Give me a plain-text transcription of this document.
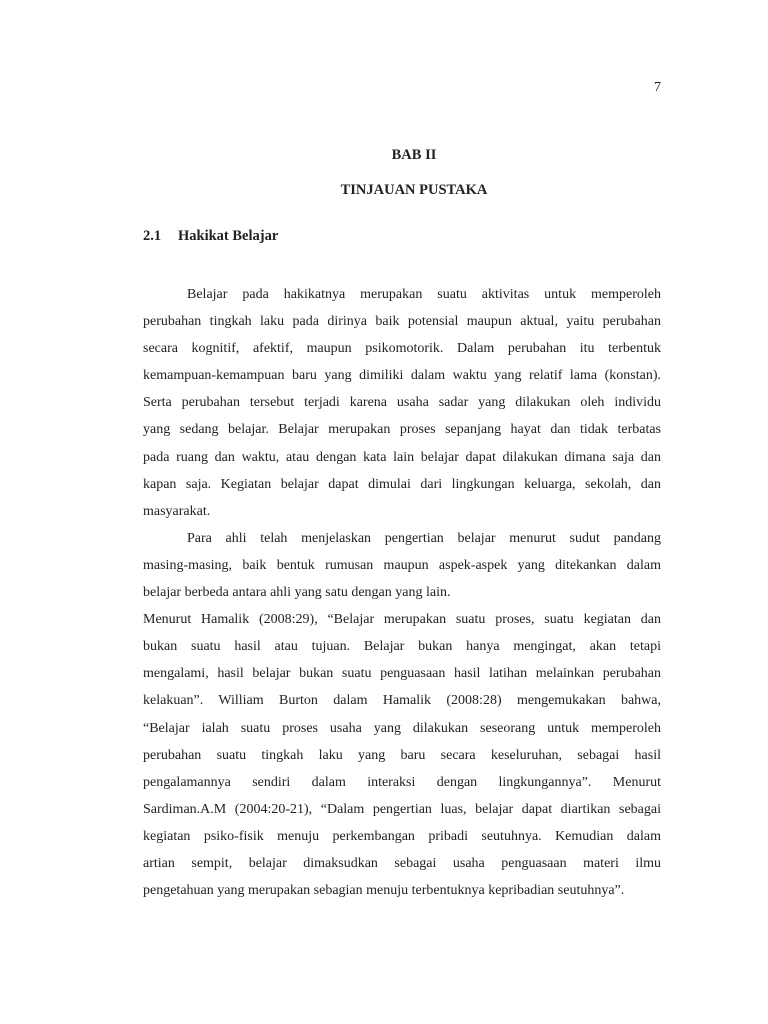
7
BAB II
TINJAUAN PUSTAKA
2.1 Hakikat Belajar
Belajar pada hakikatnya merupakan suatu aktivitas untuk memperoleh
perubahan tingkah laku pada dirinya baik potensial maupun aktual, yaitu perubahan
secara kognitif, afektif, maupun psikomotorik. Dalam perubahan itu terbentuk
kemampuan-kemampuan baru yang dimiliki dalam waktu yang relatif lama (konstan).
Serta perubahan tersebut terjadi karena usaha sadar yang dilakukan oleh individu
yang sedang belajar. Belajar merupakan proses sepanjang hayat dan tidak terbatas
pada ruang dan waktu, atau dengan kata lain belajar dapat dilakukan dimana saja dan
kapan saja. Kegiatan belajar dapat dimulai dari lingkungan keluarga, sekolah, dan
masyarakat.
Para ahli telah menjelaskan pengertian belajar menurut sudut pandang
masing-masing, baik bentuk rumusan maupun aspek-aspek yang ditekankan dalam
belajar berbeda antara ahli yang satu dengan yang lain.
Menurut Hamalik (2008:29), “Belajar merupakan suatu proses, suatu kegiatan dan
bukan suatu hasil atau tujuan. Belajar bukan hanya mengingat, akan tetapi
mengalami, hasil belajar bukan suatu penguasaan hasil latihan melainkan perubahan
kelakuan”. William Burton dalam Hamalik (2008:28) mengemukakan bahwa,
“Belajar ialah suatu proses usaha yang dilakukan seseorang untuk memperoleh
perubahan suatu tingkah laku yang baru secara keseluruhan, sebagai hasil
pengalamannya sendiri dalam interaksi dengan lingkungannya”. Menurut
Sardiman.A.M (2004:20-21), “Dalam pengertian luas, belajar dapat diartikan sebagai
kegiatan psiko-fisik menuju perkembangan pribadi seutuhnya. Kemudian dalam
artian sempit, belajar dimaksudkan sebagai usaha penguasaan materi ilmu
pengetahuan yang merupakan sebagian menuju terbentuknya kepribadian seutuhnya”.
